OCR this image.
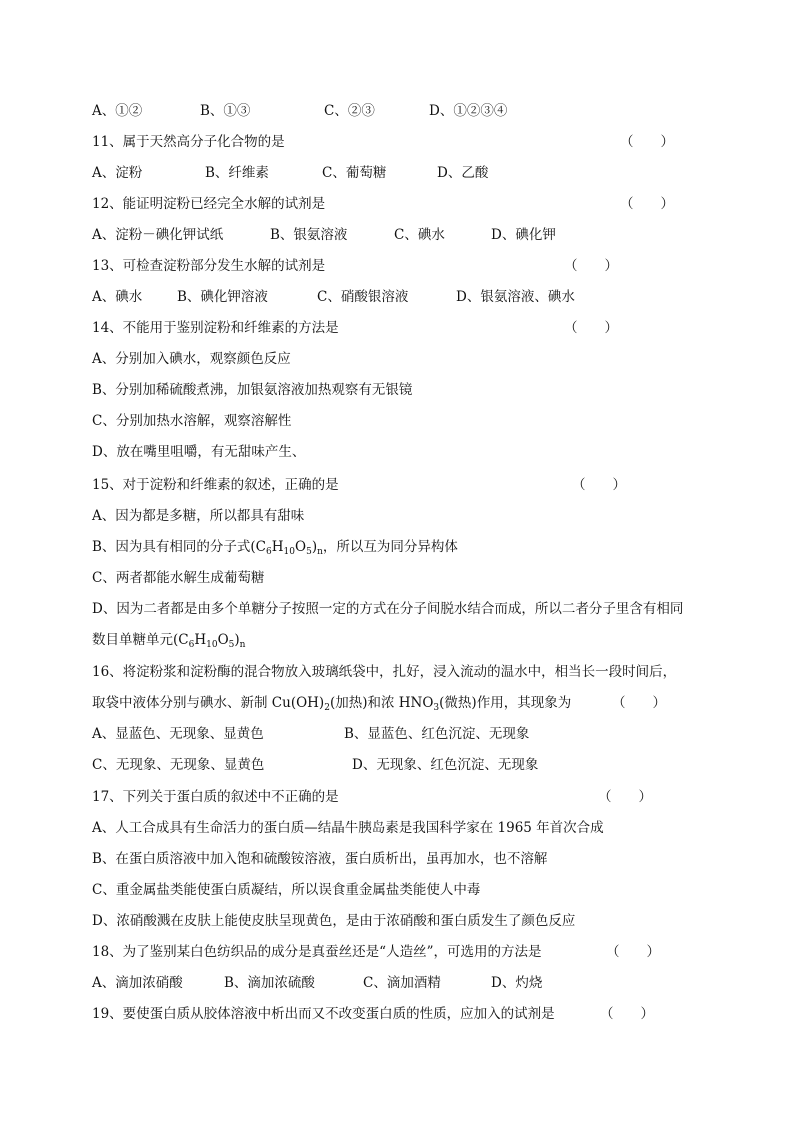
A、①②	B、①③	C、②③	D、①②③④
11、属于天然高分子化合物的是	（　　）
A、淀粉	B、纤维素	C、葡萄糖	D、乙酸
12、能证明淀粉已经完全水解的试剂是	（　　）
A、淀粉－碘化钾试纸	B、银氨溶液	C、碘水	D、碘化钾
13、可检查淀粉部分发生水解的试剂是	（　　）
A、碘水	B、碘化钾溶液	C、硝酸银溶液	D、银氨溶液、碘水
14、不能用于鉴别淀粉和纤维素的方法是	（　　）
A、分别加入碘水，观察颜色反应
B、分别加稀硫酸煮沸，加银氨溶液加热观察有无银镜
C、分别加热水溶解，观察溶解性
D、放在嘴里咀嚼，有无甜味产生、
15、对于淀粉和纤维素的叙述，正确的是	（　　）
A、因为都是多糖，所以都具有甜味
B、因为具有相同的分子式$(C_6H_{10}O_5)_n$，所以互为同分异构体
C、两者都能水解生成葡萄糖
D、因为二者都是由多个单糖分子按照一定的方式在分子间脱水结合而成，所以二者分子里含有相同
数目单糖单元$(C_6H_{10}O_5)_n$
16、将淀粉浆和淀粉酶的混合物放入玻璃纸袋中，扎好，浸入流动的温水中，相当长一段时间后，
取袋中液体分别与碘水、新制 $Cu(OH)_2$(加热)和浓 $HNO_3$(微热)作用，其现象为	（　　）
A、显蓝色、无现象、显黄色	B、显蓝色、红色沉淀、无现象
C、无现象、无现象、显黄色	D、无现象、红色沉淀、无现象
17、下列关于蛋白质的叙述中不正确的是	（　　）
A、人工合成具有生命活力的蛋白质—结晶牛胰岛素是我国科学家在 1965 年首次合成
B、在蛋白质溶液中加入饱和硫酸铵溶液，蛋白质析出，虽再加水，也不溶解
C、重金属盐类能使蛋白质凝结，所以误食重金属盐类能使人中毒
D、浓硝酸溅在皮肤上能使皮肤呈现黄色，是由于浓硝酸和蛋白质发生了颜色反应
18、为了鉴别某白色纺织品的成分是真蚕丝还是“人造丝”，可选用的方法是	（　　）
A、滴加浓硝酸	B、滴加浓硫酸	C、滴加酒精	D、灼烧
19、要使蛋白质从胶体溶液中析出而又不改变蛋白质的性质，应加入的试剂是	（　　）
